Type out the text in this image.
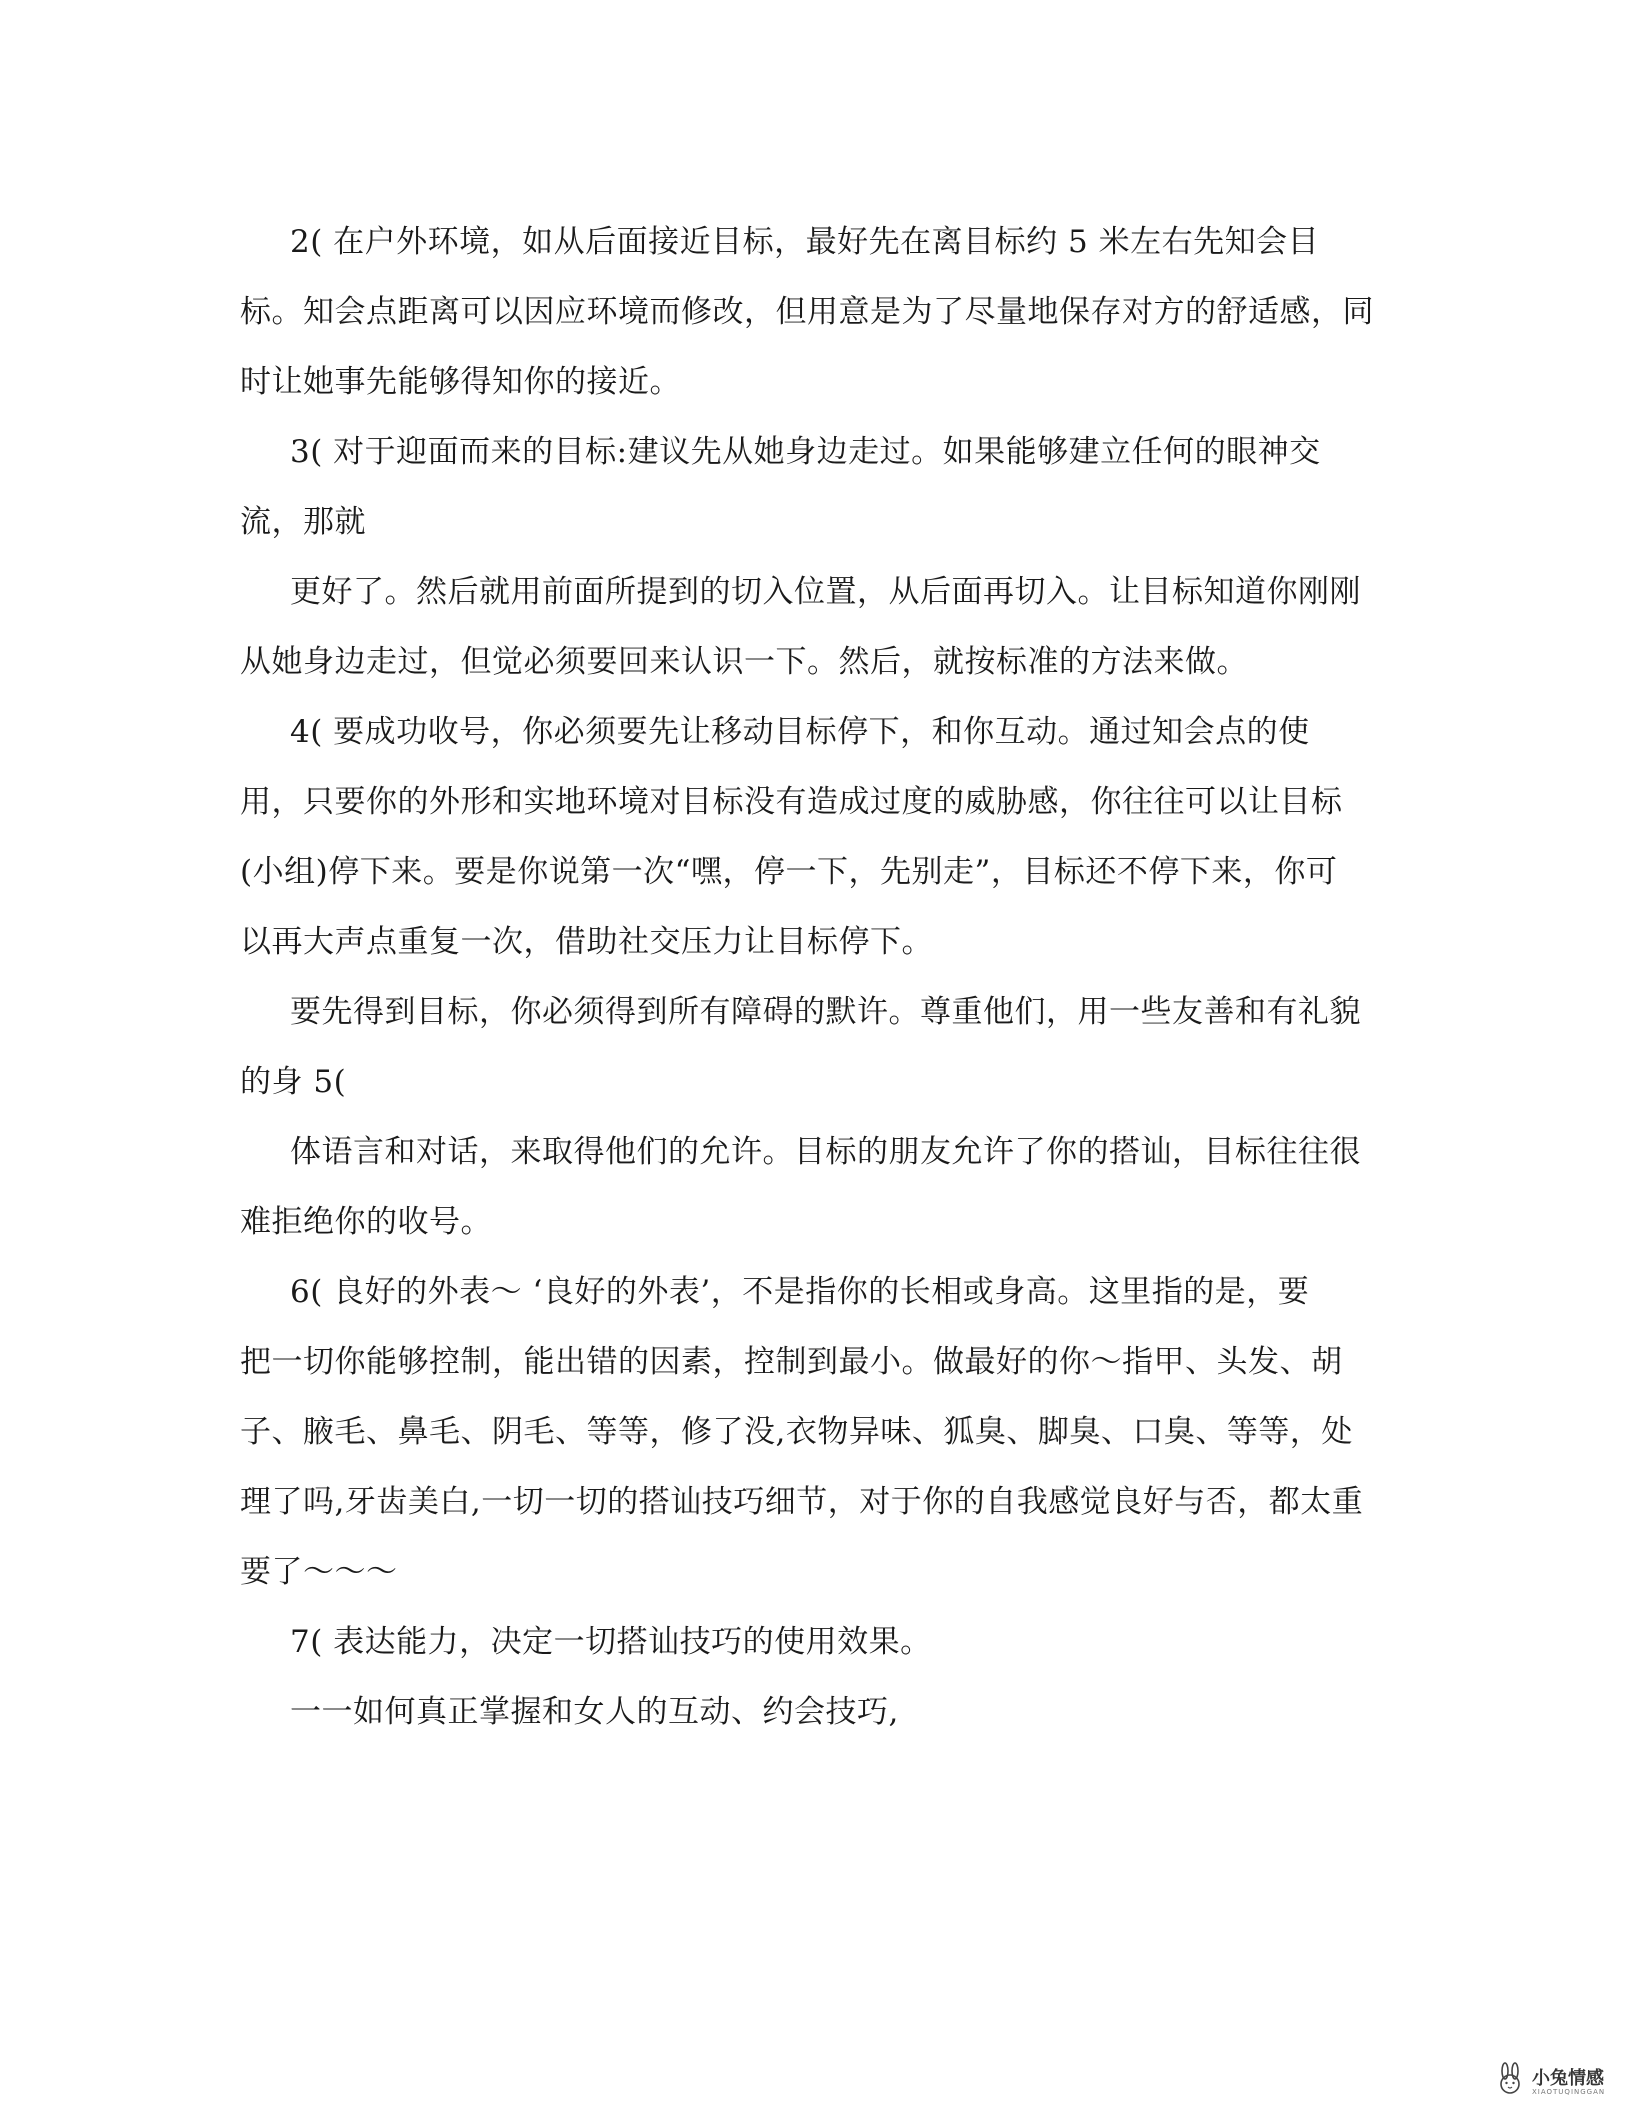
2( 在户外环境，如从后面接近目标，最好先在离目标约 5 米左右先知会目
标。知会点距离可以因应环境而修改，但用意是为了尽量地保存对方的舒适感，同
时让她事先能够得知你的接近。
3( 对于迎面而来的目标:建议先从她身边走过。如果能够建立任何的眼神交
流，那就
更好了。然后就用前面所提到的切入位置，从后面再切入。让目标知道你刚刚
从她身边走过，但觉必须要回来认识一下。然后，就按标准的方法来做。
4( 要成功收号，你必须要先让移动目标停下，和你互动。通过知会点的使
用，只要你的外形和实地环境对目标没有造成过度的威胁感，你往往可以让目标
(小组)停下来。要是你说第一次“嘿，停一下，先别走”，目标还不停下来，你可
以再大声点重复一次，借助社交压力让目标停下。
要先得到目标，你必须得到所有障碍的默许。尊重他们，用一些友善和有礼貌
的身 5(
体语言和对话，来取得他们的允许。目标的朋友允许了你的搭讪，目标往往很
难拒绝你的收号。
6( 良好的外表～ ‘良好的外表’，不是指你的长相或身高。这里指的是，要
把一切你能够控制，能出错的因素，控制到最小。做最好的你～指甲、头发、胡
子、腋毛、鼻毛、阴毛、等等，修了没,衣物异味、狐臭、脚臭、口臭、等等，处
理了吗,牙齿美白,一切一切的搭讪技巧细节，对于你的自我感觉良好与否，都太重
要了～～～
7( 表达能力，决定一切搭讪技巧的使用效果。
一一如何真正掌握和女人的互动、约会技巧,
小兔情感
XIAOTUQINGGAN
